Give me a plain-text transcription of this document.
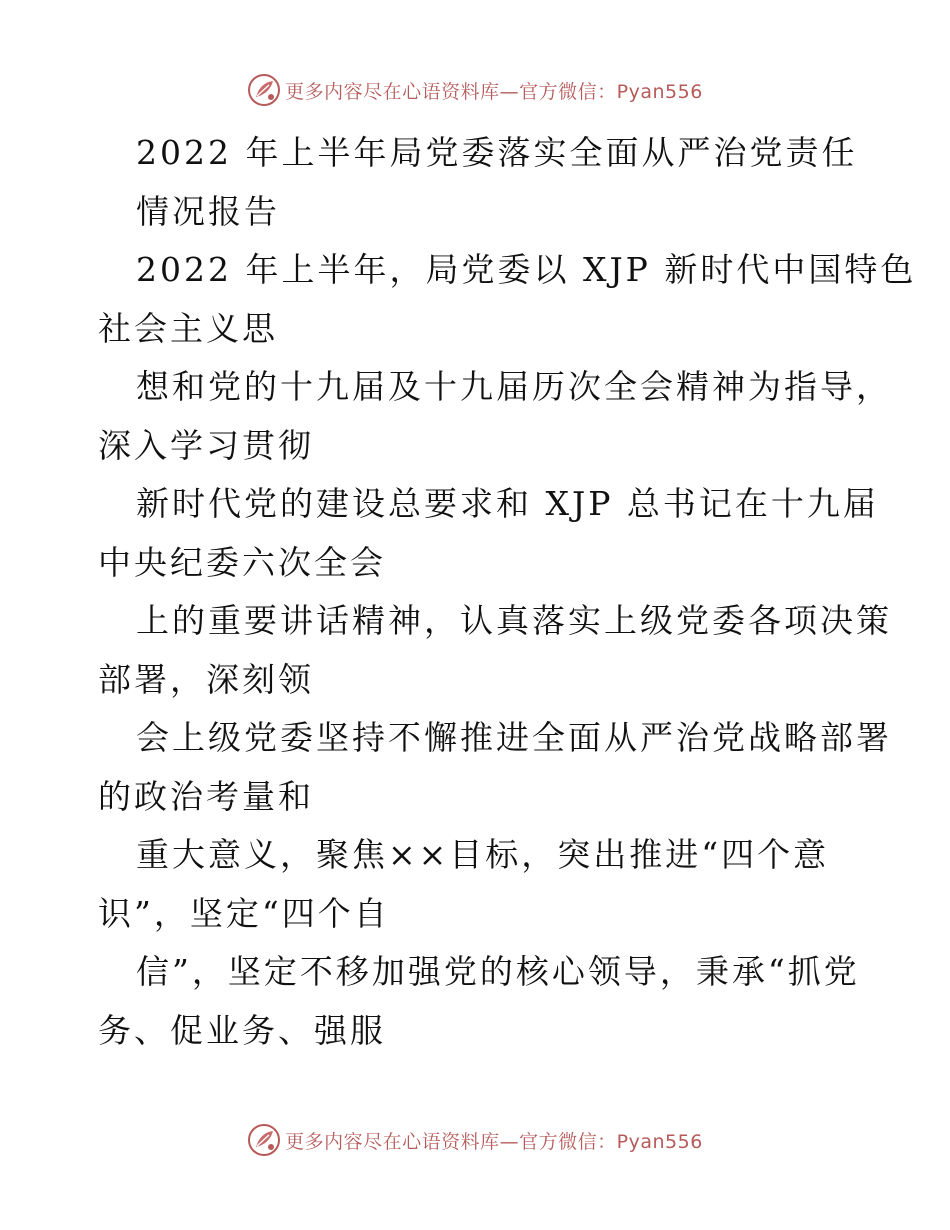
更多内容尽在心语资料库—官方微信：Pyan556
2022 年上半年局党委落实全面从严治党责任
情况报告
2022 年上半年，局党委以 XJP 新时代中国特色
社会主义思
想和党的十九届及十九届历次全会精神为指导，
深入学习贯彻
新时代党的建设总要求和 XJP 总书记在十九届
中央纪委六次全会
上的重要讲话精神，认真落实上级党委各项决策
部署，深刻领
会上级党委坚持不懈推进全面从严治党战略部署
的政治考量和
重大意义，聚焦××目标，突出推进“四个意
识”，坚定“四个自
信”，坚定不移加强党的核心领导，秉承“抓党
务、促业务、强服
更多内容尽在心语资料库—官方微信：Pyan556
